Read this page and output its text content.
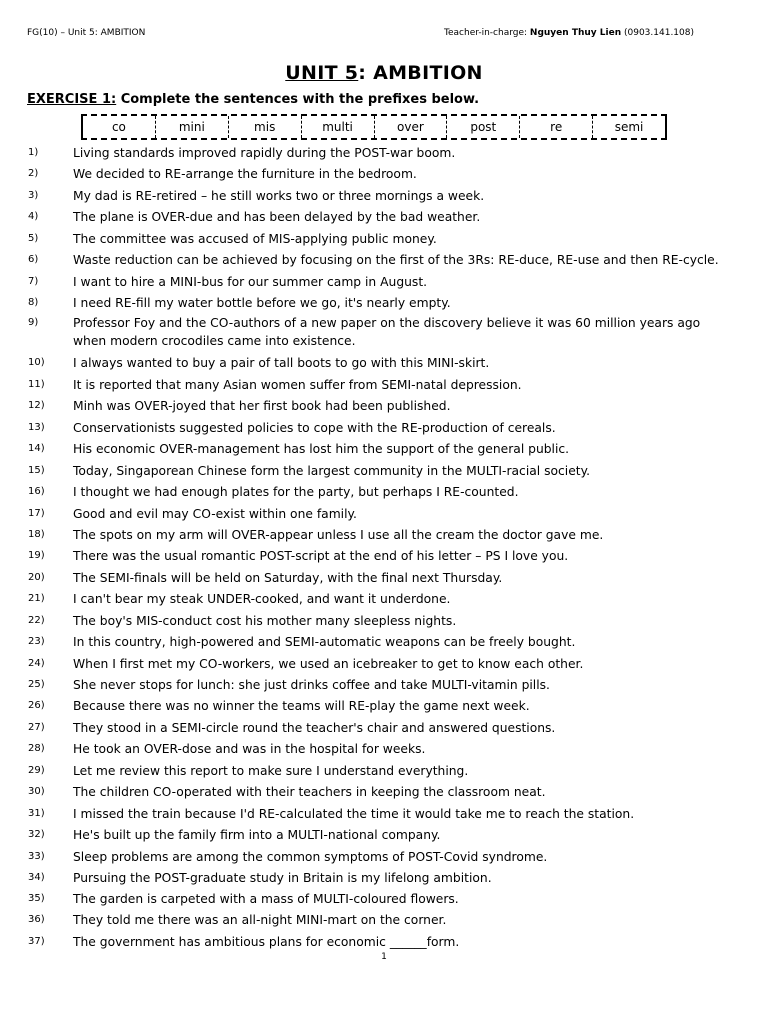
FG(10) – Unit 5: AMBITION	Teacher-in-charge: Nguyen Thuy Lien (0903.141.108)
UNIT 5: AMBITION
EXERCISE 1: Complete the sentences with the prefixes below.
co	mini	mis	multi	over	post	re	semi
1)	Living standards improved rapidly during the POST-war boom.
2)	We decided to RE-arrange the furniture in the bedroom.
3)	My dad is RE-retired – he still works two or three mornings a week.
4)	The plane is OVER-due and has been delayed by the bad weather.
5)	The committee was accused of MIS-applying public money.
6)	Waste reduction can be achieved by focusing on the first of the 3Rs: RE-duce, RE-use and then RE-cycle.
7)	I want to hire a MINI-bus for our summer camp in August.
8)	I need RE-fill my water bottle before we go, it's nearly empty.
9)	Professor Foy and the CO-authors of a new paper on the discovery believe it was 60 million years ago when modern crocodiles came into existence.
10)	I always wanted to buy a pair of tall boots to go with this MINI-skirt.
11)	It is reported that many Asian women suffer from SEMI-natal depression.
12)	Minh was OVER-joyed that her first book had been published.
13)	Conservationists suggested policies to cope with the RE-production of cereals.
14)	His economic OVER-management has lost him the support of the general public.
15)	Today, Singaporean Chinese form the largest community in the MULTI-racial society.
16)	I thought we had enough plates for the party, but perhaps I RE-counted.
17)	Good and evil may CO-exist within one family.
18)	The spots on my arm will OVER-appear unless I use all the cream the doctor gave me.
19)	There was the usual romantic POST-script at the end of his letter – PS I love you.
20)	The SEMI-finals will be held on Saturday, with the final next Thursday.
21)	I can't bear my steak UNDER-cooked, and want it underdone.
22)	The boy's MIS-conduct cost his mother many sleepless nights.
23)	In this country, high-powered and SEMI-automatic weapons can be freely bought.
24)	When I first met my CO-workers, we used an icebreaker to get to know each other.
25)	She never stops for lunch: she just drinks coffee and take MULTI-vitamin pills.
26)	Because there was no winner the teams will RE-play the game next week.
27)	They stood in a SEMI-circle round the teacher's chair and answered questions.
28)	He took an OVER-dose and was in the hospital for weeks.
29)	Let me review this report to make sure I understand everything.
30)	The children CO-operated with their teachers in keeping the classroom neat.
31)	I missed the train because I'd RE-calculated the time it would take me to reach the station.
32)	He's built up the family firm into a MULTI-national company.
33)	Sleep problems are among the common symptoms of POST-Covid syndrome.
34)	Pursuing the POST-graduate study in Britain is my lifelong ambition.
35)	The garden is carpeted with a mass of MULTI-coloured flowers.
36)	They told me there was an all-night MINI-mart on the corner.
37)	The government has ambitious plans for economic ______form.
1
